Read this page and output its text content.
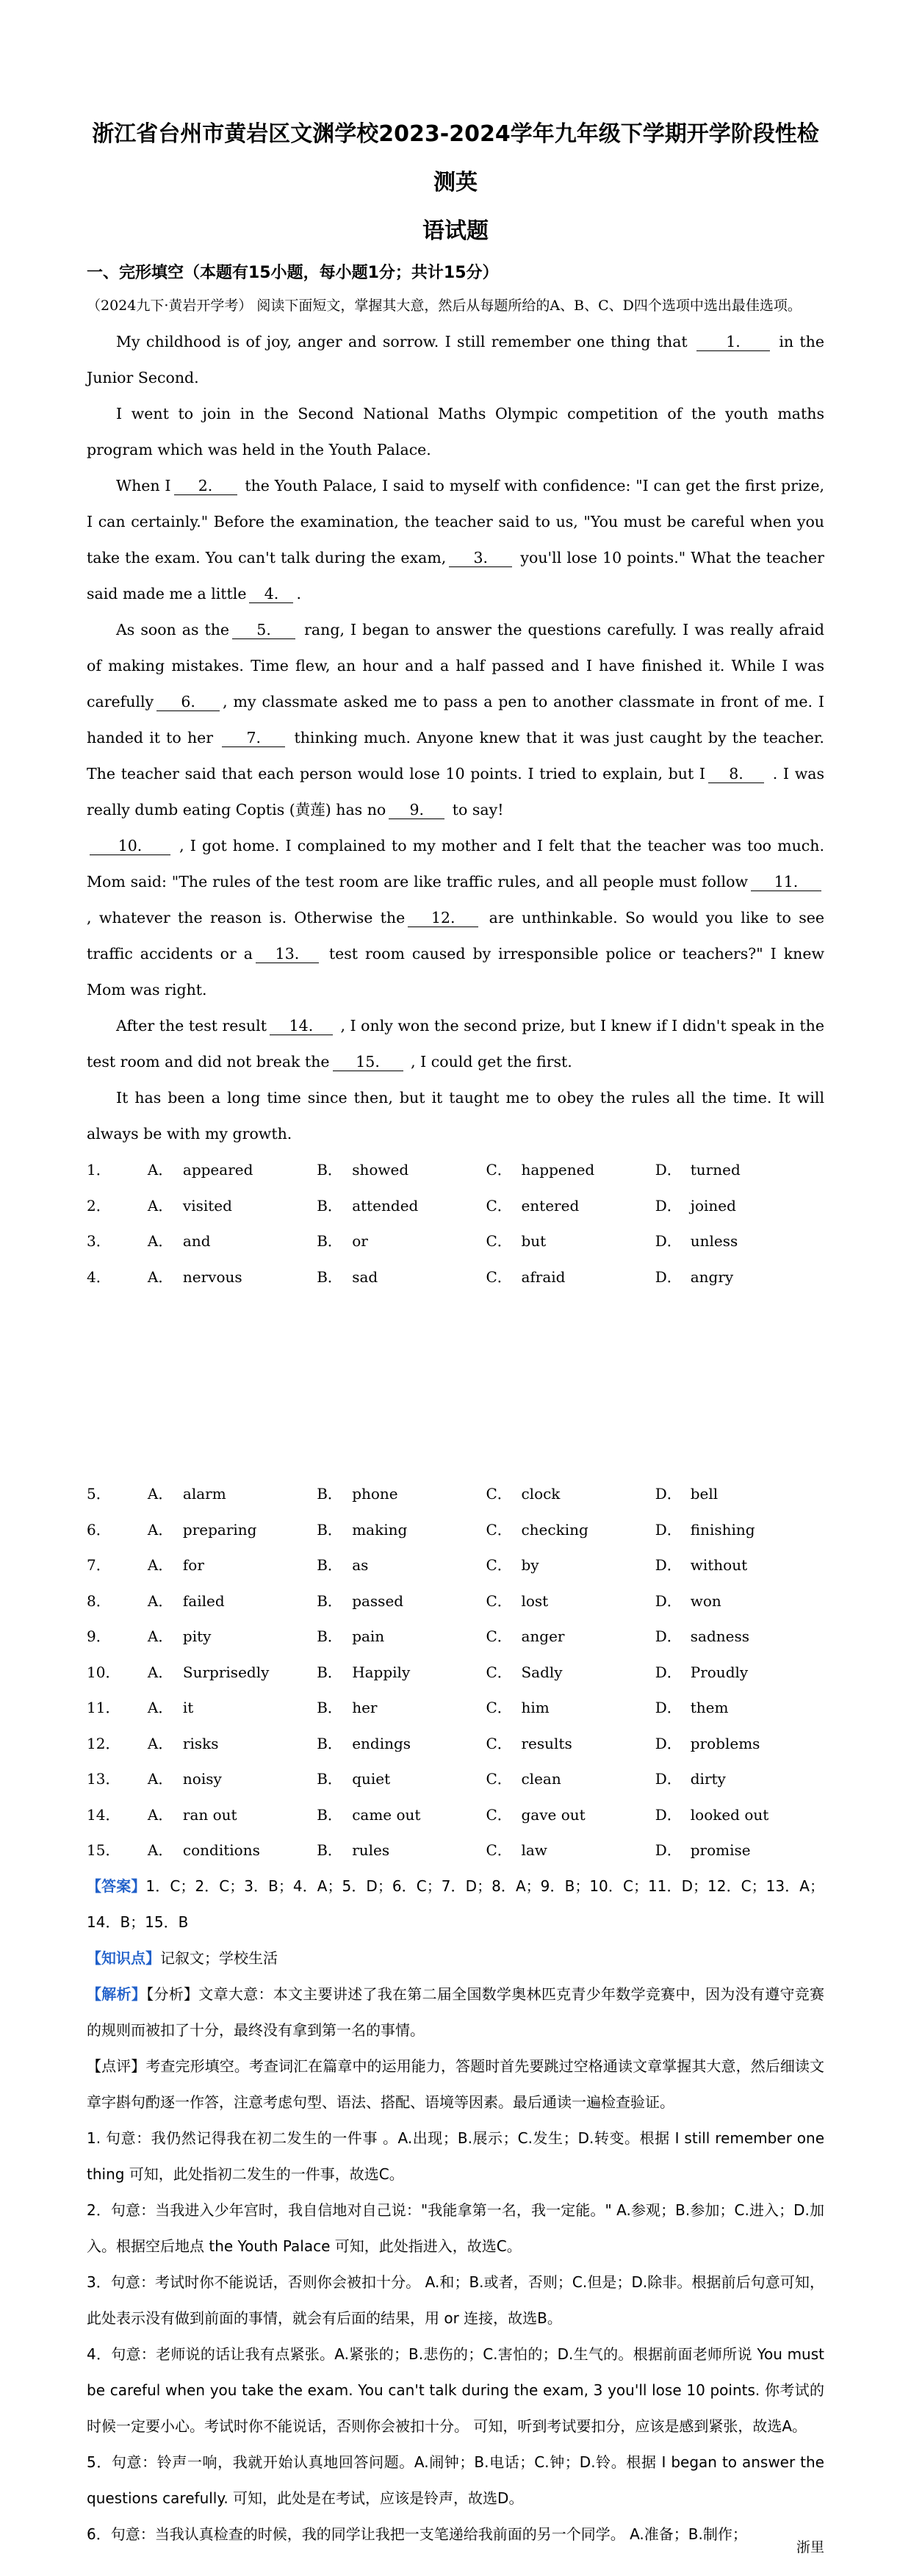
浙江省台州市黄岩区文渊学校2023-2024学年九年级下学期开学阶段性检测英
语试题
一、完形填空（本题有15小题，每小题1分；共计15分）

（2024九下·黄岩开学考） 阅读下面短文，掌握其大意，然后从每题所给的A、B、C、D四个选项中选出最佳选项。

My childhood is of joy, anger and sorrow. I still remember one thing that	1.	in the Junior Second.

I went to join in the Second National Maths Olympic competition of the youth maths program which was held in the Youth Palace.

When I 2. the Youth Palace, I said to myself with confidence: "I can get the first prize, I can certainly." Before the examination, the teacher said to us, "You must be careful when you take the exam. You can't talk during the exam, 3. you'll lose 10 points." What the teacher said made me a little 4. .

As soon as the 5. rang, I began to answer the questions carefully. I was really afraid of making mistakes. Time flew, an hour and a half passed and I have finished it. While I was carefully 6. , my classmate asked me to pass a pen to another classmate in front of me. I handed it to her 7. thinking much. Anyone knew that it was just caught by the teacher. The teacher said that each person would lose 10 points. I tried to explain, but I 8. . I was really dumb eating Coptis (黄莲) has no 9. to say!
10. , I got home. I complained to my mother and I felt that the teacher was too much. Mom said: "The rules of the test room are like traffic rules, and all people must follow 11. , whatever the reason is. Otherwise the 12. are unthinkable. So would you like to see traffic accidents or a 13. test room caused by irresponsible police or teachers?" I knew Mom was right.

After the test result 14. , I only won the second prize, but I knew if I didn't speak in the test room and did not break the 15. , I could get the first.

It has been a long time since then, but it taught me to obey the rules all the time. It will always be with my growth.

1．	A． appeared	B． showed	C． happened	D． turned
2．	A． visited	B． attended	C． entered	D． joined
3．	A． and	B． or	C． but	D． unless
4．	A． nervous	B． sad	C． afraid	D． angry
5．	A． alarm	B． phone	C． clock	D． bell
6．	A． preparing	B． making	C． checking	D． finishing
7．	A． for	B． as	C． by	D． without
8．	A． failed	B． passed	C． lost	D． won
9．	A． pity	B． pain	C． anger	D． sadness
10．	A． Surprisedly	B． Happily	C． Sadly	D． Proudly
11．	A． it	B． her	C． him	D． them
12．	A． risks	B． endings	C． results	D． problems
13．	A． noisy	B． quiet	C． clean	D． dirty
14．	A． ran out	B． came out	C． gave out	D． looked out
15．	A． conditions	B． rules	C． law	D． promise

【答案】1．C；2．C；3．B；4．A；5．D；6．C；7．D；8．A；9．B；10．C；11．D；12．C；13．A；14．B；15．B

【知识点】记叙文；学校生活

【解析】【分析】文章大意：本文主要讲述了我在第二届全国数学奥林匹克青少年数学竞赛中，因为没有遵守竞赛的规则而被扣了十分，最终没有拿到第一名的事情。

【点评】考查完形填空。考查词汇在篇章中的运用能力，答题时首先要跳过空格通读文章掌握其大意，然后细读文章字斟句酌逐一作答，注意考虑句型、语法、搭配、语境等因素。最后通读一遍检查验证。

1. 句意：我仍然记得我在初二发生的一件事 。A.出现；B.展示；C.发生；D.转变。根据 I still remember one thing 可知，此处指初二发生的一件事，故选C。

2．句意：当我进入少年宫时，我自信地对自己说："我能拿第一名，我一定能。" A.参观；B.参加；C.进入；D.加入。根据空后地点 the Youth Palace 可知，此处指进入，故选C。

3．句意：考试时你不能说话，否则你会被扣十分。 A.和；B.或者，否则；C.但是；D.除非。根据前后句意可知，此处表示没有做到前面的事情，就会有后面的结果，用 or 连接，故选B。

4．句意：老师说的话让我有点紧张。A.紧张的；B.悲伤的；C.害怕的；D.生气的。根据前面老师所说 You must be careful when you take the exam. You can't talk during the exam, 3 you'll lose 10 points. 你考试的时候一定要小心。考试时你不能说话，否则你会被扣十分。 可知，听到考试要扣分，应该是感到紧张，故选A。

5．句意：铃声一响，我就开始认真地回答问题。A.闹钟；B.电话；C.钟；D.铃。根据 I began to answer the questions carefully. 可知，此处是在考试，应该是铃声，故选D。

6．句意：当我认真检查的时候，我的同学让我把一支笔递给我前面的另一个同学。 A.准备；B.制作；

浙里
